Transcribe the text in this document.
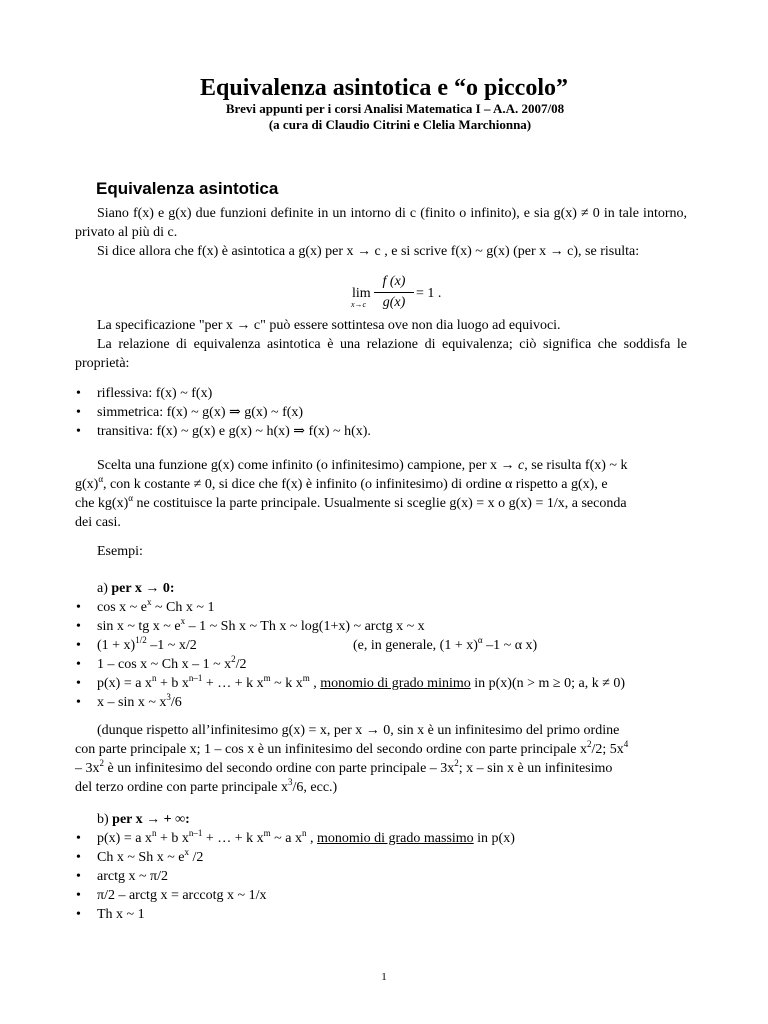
Equivalenza asintotica e “o piccolo”
Brevi appunti per i corsi Analisi Matematica I – A.A. 2007/08
(a cura di Claudio Citrini e Clelia Marchionna)
Equivalenza asintotica

Siano f(x) e g(x) due funzioni definite in un intorno di c (finito o infinito), e sia g(x) ≠ 0 in tale intorno, privato al più di c.

Si dice allora che f(x) è asintotica a g(x) per x → c , e si scrive f(x) ~ g(x) (per x → c), se risulta:

lim
x→c
f (x)
g(x)
= 1 .

La specificazione "per x → c" può essere sottintesa ove non dia luogo ad equivoci.

La relazione di equivalenza asintotica è una relazione di equivalenza; ciò significa che soddisfa le proprietà:

• riflessiva: f(x) ~ f(x)
• simmetrica: f(x) ~ g(x) ⇒ g(x) ~ f(x)
• transitiva: f(x) ~ g(x) e g(x) ~ h(x) ⇒ f(x) ~ h(x).

Scelta una funzione g(x) come infinito (o infinitesimo) campione, per x → c, se risulta f(x) ~ k

$g(x)^\alpha$, con k costante ≠ 0, si dice che f(x) è infinito (o infinitesimo) di ordine α rispetto a g(x), e

che $kg(x)^\alpha$ ne costituisce la parte principale. Usualmente si sceglie g(x) = x o g(x) = 1/x, a seconda

dei casi.

Esempi:

a) per x → 0:

• cos x ~ $e^x$ ~ Ch x ~ 1
• sin x ~ tg x ~ $e^x - 1$ ~ Sh x ~ Th x ~ log(1+x) ~ arctg x ~ x
• $(1 + x)^{1/2}$ –1 ~ x/2	(e, in generale, $(1 + x)^\alpha$ –1 ~ α x)
• 1 – cos x ~ Ch x – 1 ~ $x^2/2$
• p(x) = a $x^n + b$ $x^{n-1}$ + … + k $x^m$ ~ k $x^m$ , monomio di grado minimo in p(x)(n > m ≥ 0; a, k ≠ 0)
• x – sin x ~ $x^3/6$

(dunque rispetto all’infinitesimo g(x) = x, per x → 0, sin x è un infinitesimo del primo ordine

con parte principale x; 1 – cos x è un infinitesimo del secondo ordine con parte principale $x^2/2$; $5x^4$

– $3x^2$ è un infinitesimo del secondo ordine con parte principale – $3x^2$; x – sin x è un infinitesimo

del terzo ordine con parte principale $x^3/6$, ecc.)

b) per x → + ∞:

• p(x) = a $x^n + b$ $x^{n-1}$ + … + k $x^m$ ~ a $x^n$ , monomio di grado massimo in p(x)
• Ch x ~ Sh x ~ $e^x$ /2
• arctg x ~ π/2
• π/2 – arctg x = arccotg x ~ 1/x
• Th x ~ 1
1
